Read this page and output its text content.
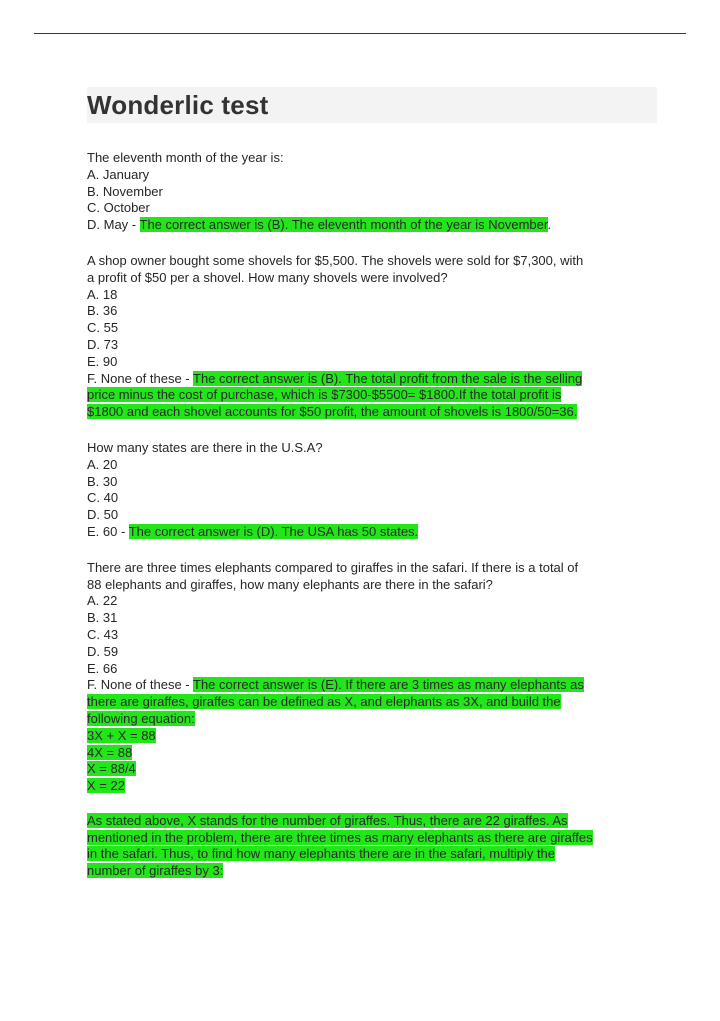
Wonderlic test
The eleventh month of the year is:
A. January
B. November
C. October
D. May - The correct answer is (B). The eleventh month of the year is November.
A shop owner bought some shovels for $5,500. The shovels were sold for $7,300, with
a profit of $50 per a shovel. How many shovels were involved?
A. 18
B. 36
C. 55
D. 73
E. 90
F. None of these - The correct answer is (B). The total profit from the sale is the selling
price minus the cost of purchase, which is $7300-$5500= $1800.If the total profit is
$1800 and each shovel accounts for $50 profit, the amount of shovels is 1800/50=36.
How many states are there in the U.S.A?
A. 20
B. 30
C. 40
D. 50
E. 60 - The correct answer is (D). The USA has 50 states.
There are three times elephants compared to giraffes in the safari. If there is a total of
88 elephants and giraffes, how many elephants are there in the safari?
A. 22
B. 31
C. 43
D. 59
E. 66
F. None of these - The correct answer is (E). If there are 3 times as many elephants as
there are giraffes, giraffes can be defined as X, and elephants as 3X, and build the
following equation:
3X + X = 88
4X = 88
X = 88/4
X = 22
As stated above, X stands for the number of giraffes. Thus, there are 22 giraffes. As
mentioned in the problem, there are three times as many elephants as there are giraffes
in the safari. Thus, to find how many elephants there are in the safari, multiply the
number of giraffes by 3:
